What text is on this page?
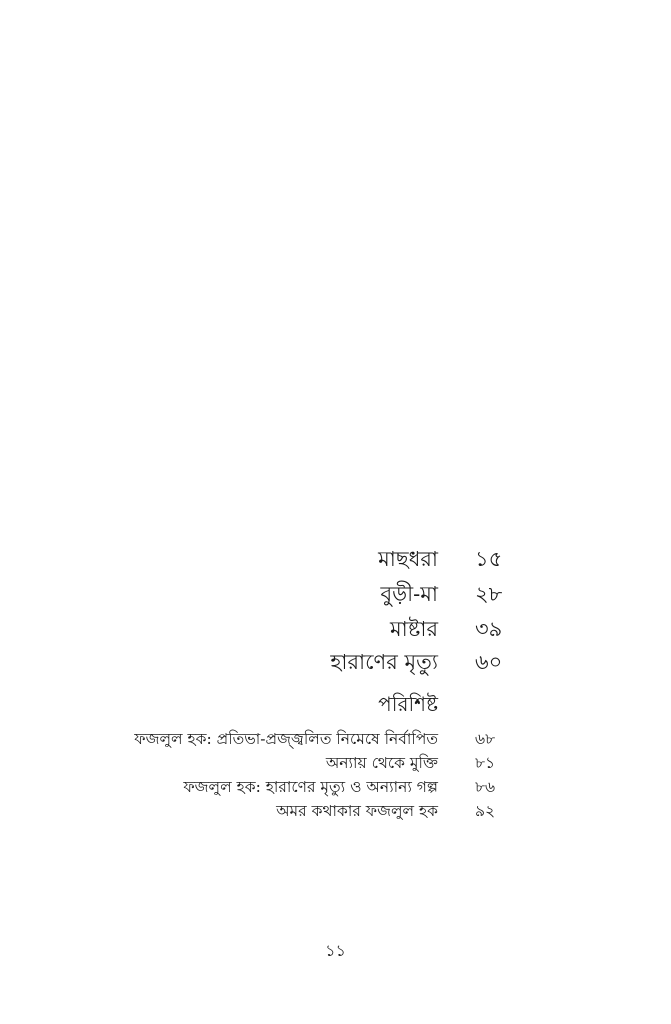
মাছধরা ১৫
বুড়ী-মা ২৮
মাষ্টার ৩৯
হারাণের মৃত্যু ৬০
পরিশিষ্ট
ফজলুল হক: প্রতিভা-প্রজ্জ্বলিত নিমেষে নির্বাপিত ৬৮
অন্যায় থেকে মুক্তি ৮১
ফজলুল হক: হারাণের মৃত্যু ও অন্যান্য গল্প ৮৬
অমর কথাকার ফজলুল হক ৯২
১১
